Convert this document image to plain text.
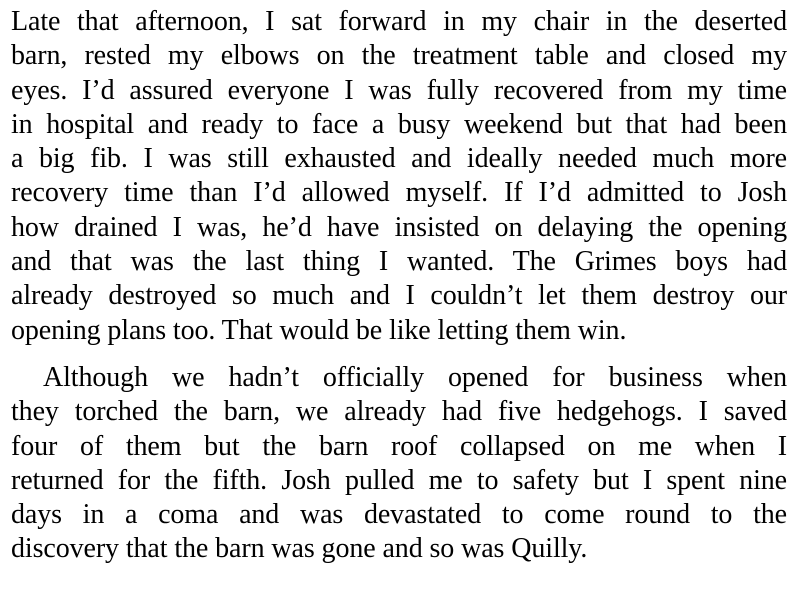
Late that afternoon, I sat forward in my chair in the deserted
barn, rested my elbows on the treatment table and closed my
eyes. I’d assured everyone I was fully recovered from my time
in hospital and ready to face a busy weekend but that had been
a big fib. I was still exhausted and ideally needed much more
recovery time than I’d allowed myself. If I’d admitted to Josh
how drained I was, he’d have insisted on delaying the opening
and that was the last thing I wanted. The Grimes boys had
already destroyed so much and I couldn’t let them destroy our
opening plans too. That would be like letting them win.
Although we hadn’t officially opened for business when
they torched the barn, we already had five hedgehogs. I saved
four of them but the barn roof collapsed on me when I
returned for the fifth. Josh pulled me to safety but I spent nine
days in a coma and was devastated to come round to the
discovery that the barn was gone and so was Quilly.
